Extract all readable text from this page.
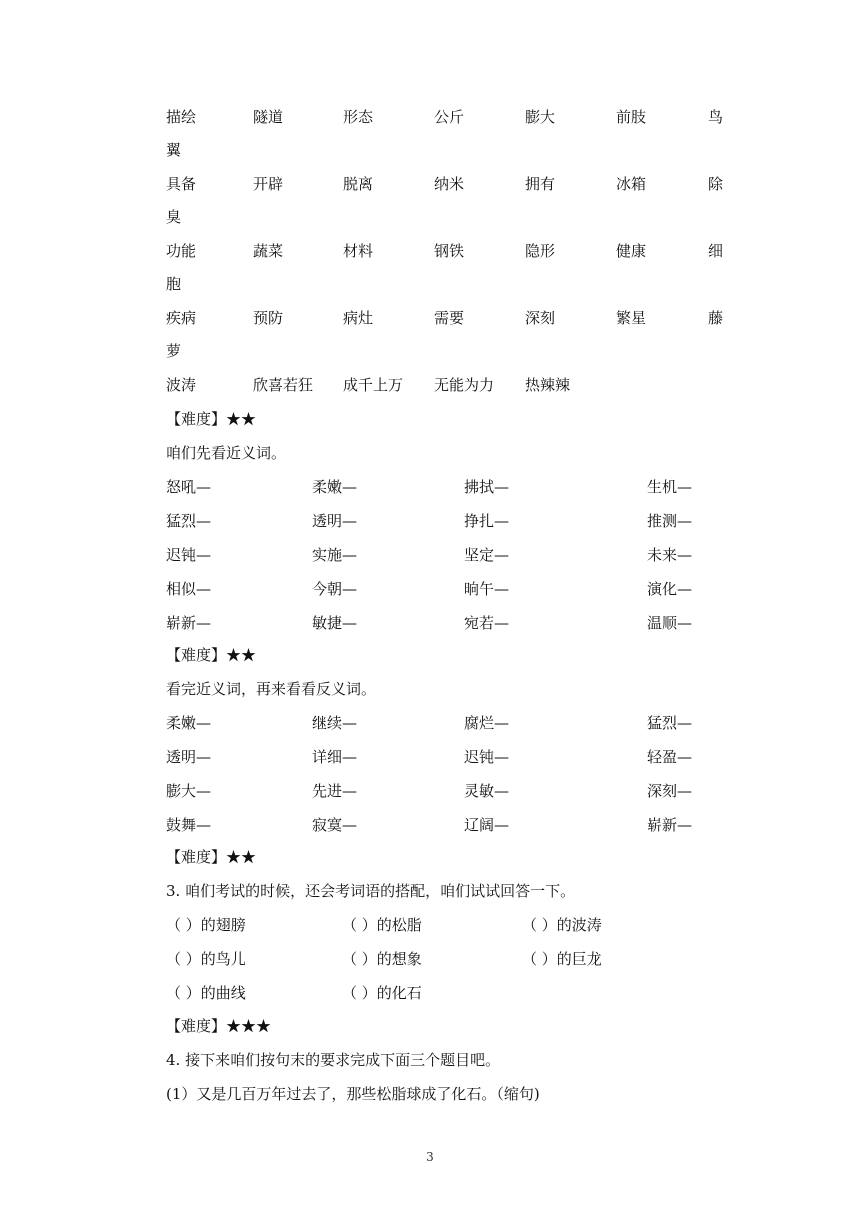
描绘	隧道	形态	公斤	膨大	前肢	鸟
翼
具备	开辟	脱离	纳米	拥有	冰箱	除
臭
功能	蔬菜	材料	钢铁	隐形	健康	细
胞
疾病	预防	病灶	需要	深刻	繁星	藤
萝
波涛	欣喜若狂 成千上万 无能为力 热辣辣
【难度】★★
咱们先看近义词。
怒吼—	柔嫩—	拂拭—	生机—
猛烈—	透明—	挣扎—	推测—
迟钝—	实施—	坚定—	未来—
相似—	今朝—	晌午—	演化—
崭新—	敏捷—	宛若—	温顺—
【难度】★★
看完近义词，再来看看反义词。
柔嫩—	继续—	腐烂—	猛烈—
透明—	详细—	迟钝—	轻盈—
膨大—	先进—	灵敏—	深刻—
鼓舞—	寂寞—	辽阔—	崭新—
【难度】★★
3. 咱们考试的时候，还会考词语的搭配，咱们试试回答一下。
（ ）的翅膀	（ ）的松脂	（ ）的波涛
（ ）的鸟儿	（ ）的想象	（ ）的巨龙
（ ）的曲线	（ ）的化石
【难度】★★★
4. 接下来咱们按句末的要求完成下面三个题目吧。
(1）又是几百万年过去了，那些松脂球成了化石。（缩句)
3
